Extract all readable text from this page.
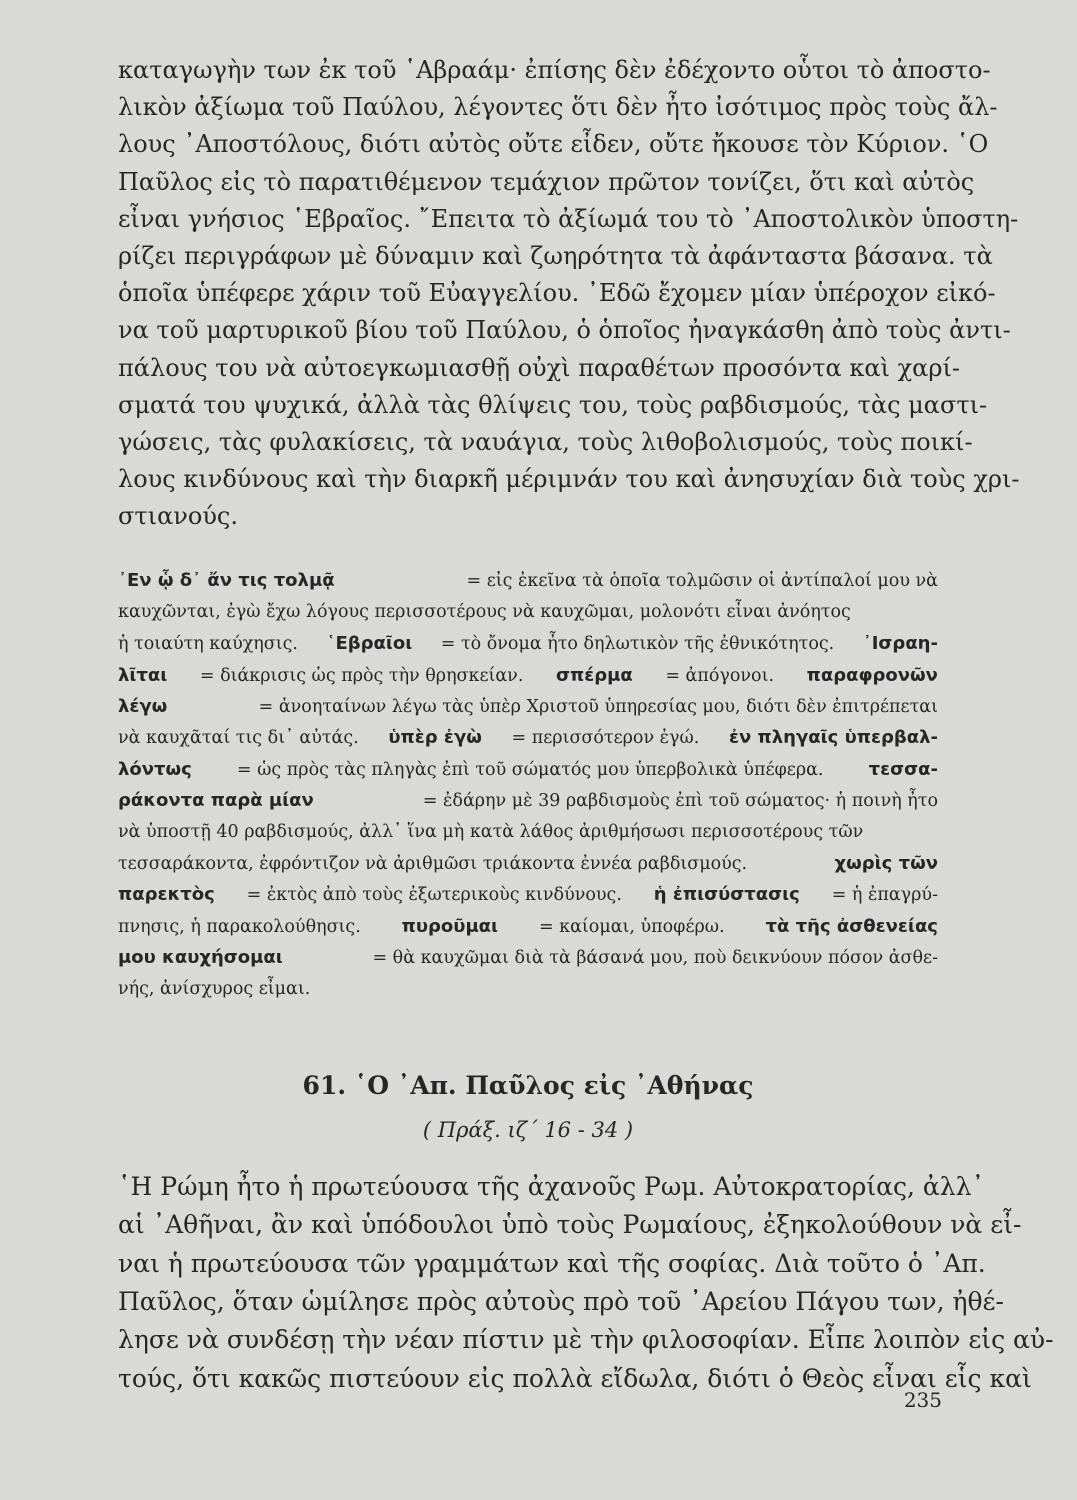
καταγωγὴν των ἐκ τοῦ ῾Αβραάμ· ἐπίσης δὲν ἐδέχοντο οὗτοι τὸ ἀποστο-
λικὸν ἀξίωμα τοῦ Παύλου, λέγοντες ὅτι δὲν ἦτο ἰσότιμος πρὸς τοὺς ἄλ-
λους ᾿Αποστόλους, διότι αὐτὸς οὔτε εἶδεν, οὔτε ἤκουσε τὸν Κύριον. ῾Ο
Παῦλος εἰς τὸ παρατιθέμενον τεμάχιον πρῶτον τονίζει, ὅτι καὶ αὐτὸς
εἶναι γνήσιος ῾Εβραῖος. ῎Επειτα τὸ ἀξίωμά του τὸ ᾿Αποστολικὸν ὑποστη-
ρίζει περιγράφων μὲ δύναμιν καὶ ζωηρότητα τὰ ἀφάνταστα βάσανα. τὰ
ὁποῖα ὑπέφερε χάριν τοῦ Εὐαγγελίου. ᾿Εδῶ ἔχομεν μίαν ὑπέροχον εἰκό-
να τοῦ μαρτυρικοῦ βίου τοῦ Παύλου, ὁ ὁποῖος ἠναγκάσθη ἀπὸ τοὺς ἀντι-
πάλους του νὰ αὐτοεγκωμιασθῇ οὐχὶ παραθέτων προσόντα καὶ χαρί-
σματά του ψυχικά, ἀλλὰ τὰς θλίψεις του, τοὺς ραβδισμούς, τὰς μαστι-
γώσεις, τὰς φυλακίσεις, τὰ ναυάγια, τοὺς λιθοβολισμούς, τοὺς ποικί-
λους κινδύνους καὶ τὴν διαρκῆ μέριμνάν του καὶ ἀνησυχίαν διὰ τοὺς χρι-
στιανούς.
᾿Εν ᾧ δ᾿ ἄν τις τολμᾷ	= εἰς ἐκεῖνα τὰ ὁποῖα τολμῶσιν οἱ ἀντίπαλοί μου νὰ
καυχῶνται, ἐγὼ ἔχω λόγους περισσοτέρους νὰ καυχῶμαι, μολονότι εἶναι ἀνόητος
ἡ τοιαύτη καύχησις. ῾Εβραῖοι = τὸ ὄνομα ἦτο δηλωτικὸν τῆς ἐθνικότητος. ᾿Ισραη-
λῖται = διάκρισις ὡς πρὸς τὴν θρησκείαν. σπέρμα = ἀπόγονοι. παραφρονῶν
λέγω	= ἀνοηταίνων λέγω τὰς ὑπὲρ Χριστοῦ ὑπηρεσίας μου, διότι δὲν ἐπιτρέπεται
νὰ καυχᾶταί τις δι᾿ αὐτάς. ὑπὲρ ἐγὼ = περισσότερον ἐγώ. ἐν πληγαῖς ὑπερβαλ-
λόντως	= ὡς πρὸς τὰς πληγὰς ἐπὶ τοῦ σώματός μου ὑπερβολικὰ ὑπέφερα.	τεσσα-
ράκοντα παρὰ μίαν	= ἐδάρην μὲ 39 ραβδισμοὺς ἐπὶ τοῦ σώματος· ἡ ποινὴ ἦτο
νὰ ὑποστῇ 40 ραβδισμούς, ἀλλ᾿ ἵνα μὴ κατὰ λάθος ἀριθμήσωσι περισσοτέρους τῶν
τεσσαράκοντα, ἐφρόντιζον νὰ ἀριθμῶσι τριάκοντα ἐννέα ραβδισμούς.	χωρὶς τῶν
παρεκτὸς = ἐκτὸς ἀπὸ τοὺς ἐξωτερικοὺς κινδύνους. ἡ ἐπισύστασις = ἡ ἐπαγρύ-
πνησις, ἡ παρακολούθησις. πυροῦμαι = καίομαι, ὑποφέρω. τὰ τῆς ἀσθενείας
μου καυχήσομαι	= θὰ καυχῶμαι διὰ τὰ βάσανά μου, ποὺ δεικνύουν πόσον ἀσθε-
νής, ἀνίσχυρος εἶμαι.
61. ῾Ο ᾿Απ. Παῦλος εἰς ᾿Αθήνας
( Πράξ. ιζ΄ 16 - 34 )
῾Η Ρώμη ἦτο ἡ πρωτεύουσα τῆς ἀχανοῦς Ρωμ. Αὐτοκρατορίας, ἀλλ᾿
αἱ ᾿Αθῆναι, ἂν καὶ ὑπόδουλοι ὑπὸ τοὺς Ρωμαίους, ἐξηκολούθουν νὰ εἶ-
ναι ἡ πρωτεύουσα τῶν γραμμάτων καὶ τῆς σοφίας. Διὰ τοῦτο ὁ ᾿Απ.
Παῦλος, ὅταν ὡμίλησε πρὸς αὐτοὺς πρὸ τοῦ ᾿Αρείου Πάγου των, ἠθέ-
λησε νὰ συνδέσῃ τὴν νέαν πίστιν μὲ τὴν φιλοσοφίαν. Εἶπε λοιπὸν εἰς αὐ-
τούς, ὅτι κακῶς πιστεύουν εἰς πολλὰ εἴδωλα, διότι ὁ Θεὸς εἶναι εἷς καὶ
235
